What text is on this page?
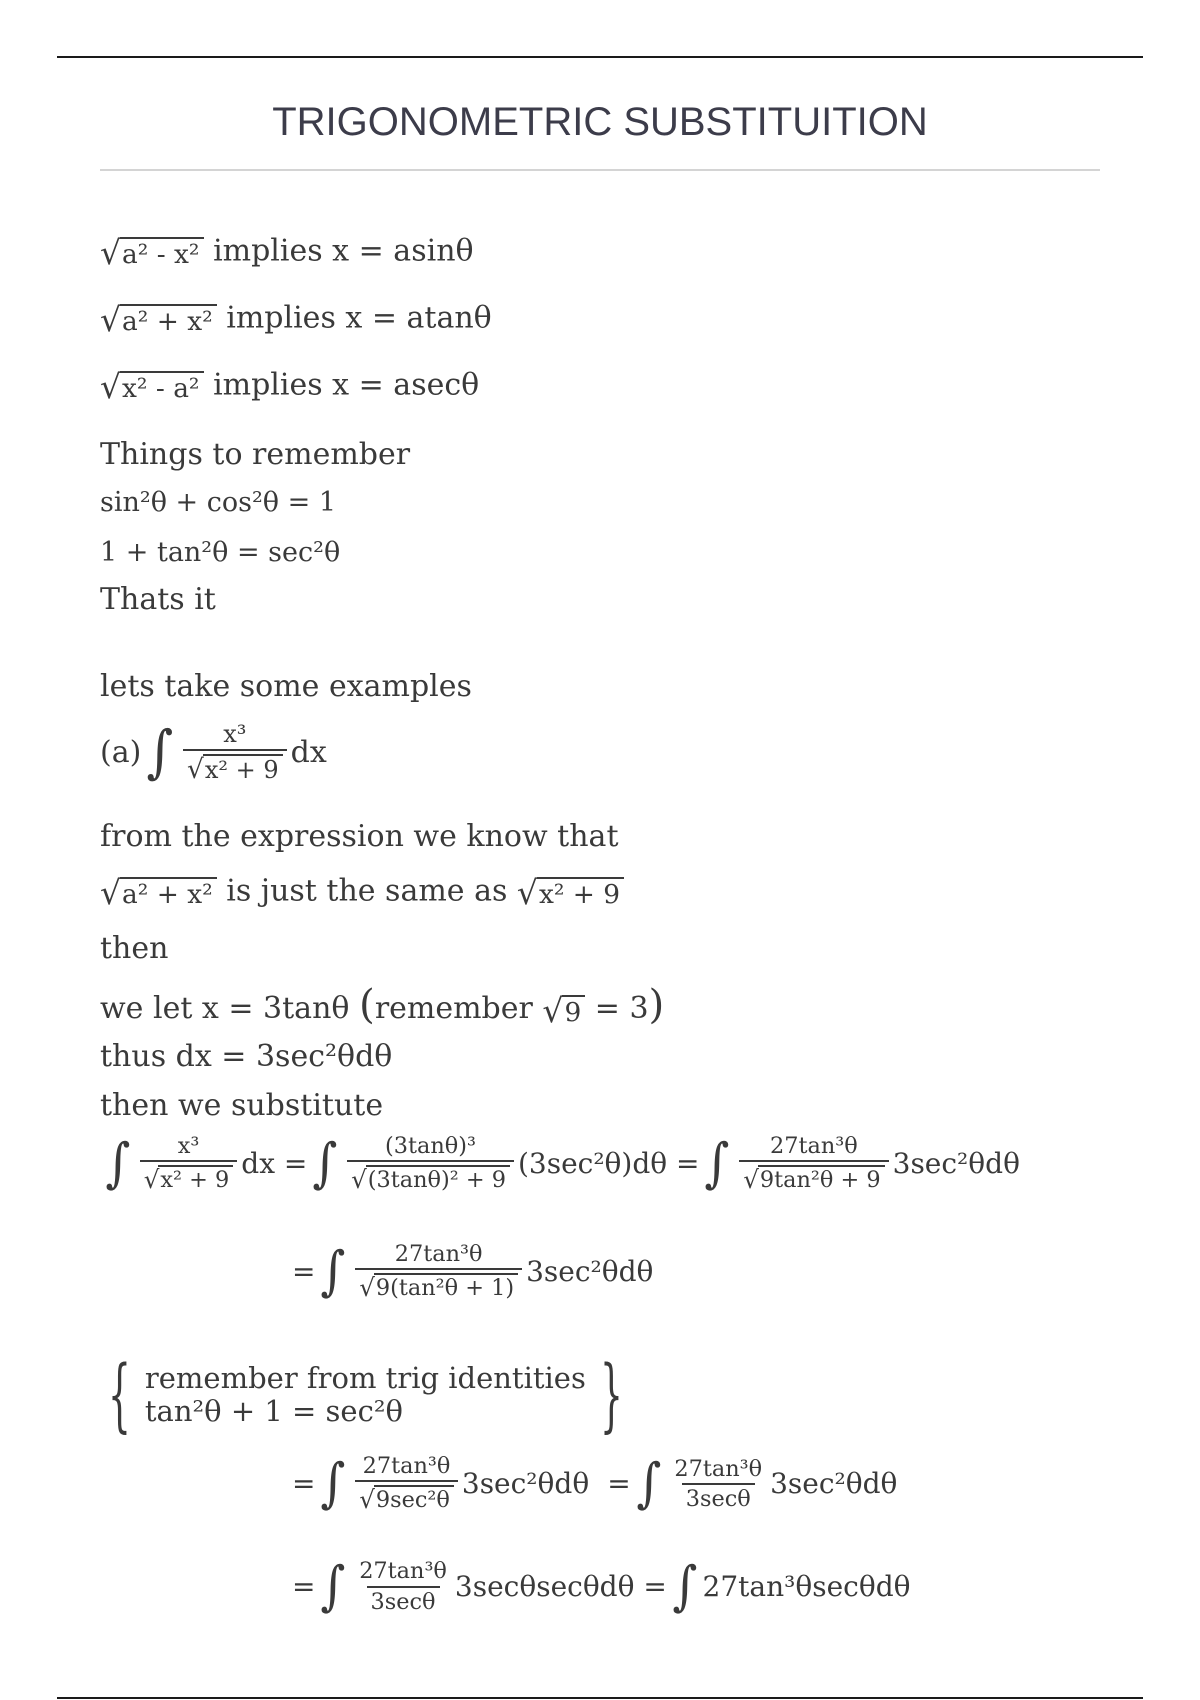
TRIGONOMETRIC SUBSTITUITION
√ a² - x² implies x = asinθ
√ a² + x² implies x = atanθ
√ x² - a² implies x = asecθ
Things to remember
sin²θ + cos²θ = 1
1 + tan²θ = sec²θ
Thats it
lets take some examples
(a) ∫ $\frac{\text{x³}}{\text{√ x² + 9}}$ dx
from the expression we know that
√ a² + x² is just the same as √ x² + 9
then
we let x = 3tanθ (remember √ 9 = 3)
thus dx = 3sec²θdθ
then we substitute
∫ $\frac{\text{x³}}{\text{√ x² + 9}}$ dx = ∫ $\frac{\text{(3tanθ)³}}{\text{√ (3tanθ)² + 9}} (3\sec^2\theta)d\theta$ = ∫ $\frac{\text{27tan³θ}}{\text{√ 9tan²θ + 9}} 3\sec^2\theta d\theta$
= ∫ $\frac{\text{27tan³θ}}{\text{√ 9(tan²θ + 1)}} 3\sec^2\theta d\theta$
{ remember from trig identities
tan²θ + 1 = sec²θ	}
= ∫ $\frac{\text{27tan³θ}}{\text{√ 9sec²θ}} 3\sec^2\theta d\theta$ = ∫ $\frac{\text{27tan³θ}}{3\sec\theta} 3\sec^2\theta d\theta$
= ∫ $\frac{\text{27tan³θ}}{3\sec\theta} 3\sec\theta\sec\theta d\theta$ = ∫ 27tan³θsecθdθ
